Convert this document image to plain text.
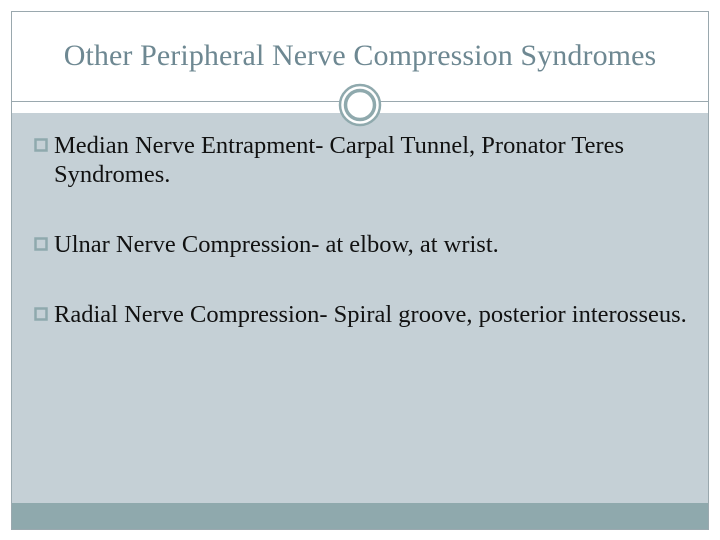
Other Peripheral Nerve Compression Syndromes
Median Nerve Entrapment- Carpal Tunnel, Pronator Teres Syndromes.
Ulnar Nerve Compression- at elbow, at wrist.
Radial Nerve Compression- Spiral groove, posterior interosseus.
